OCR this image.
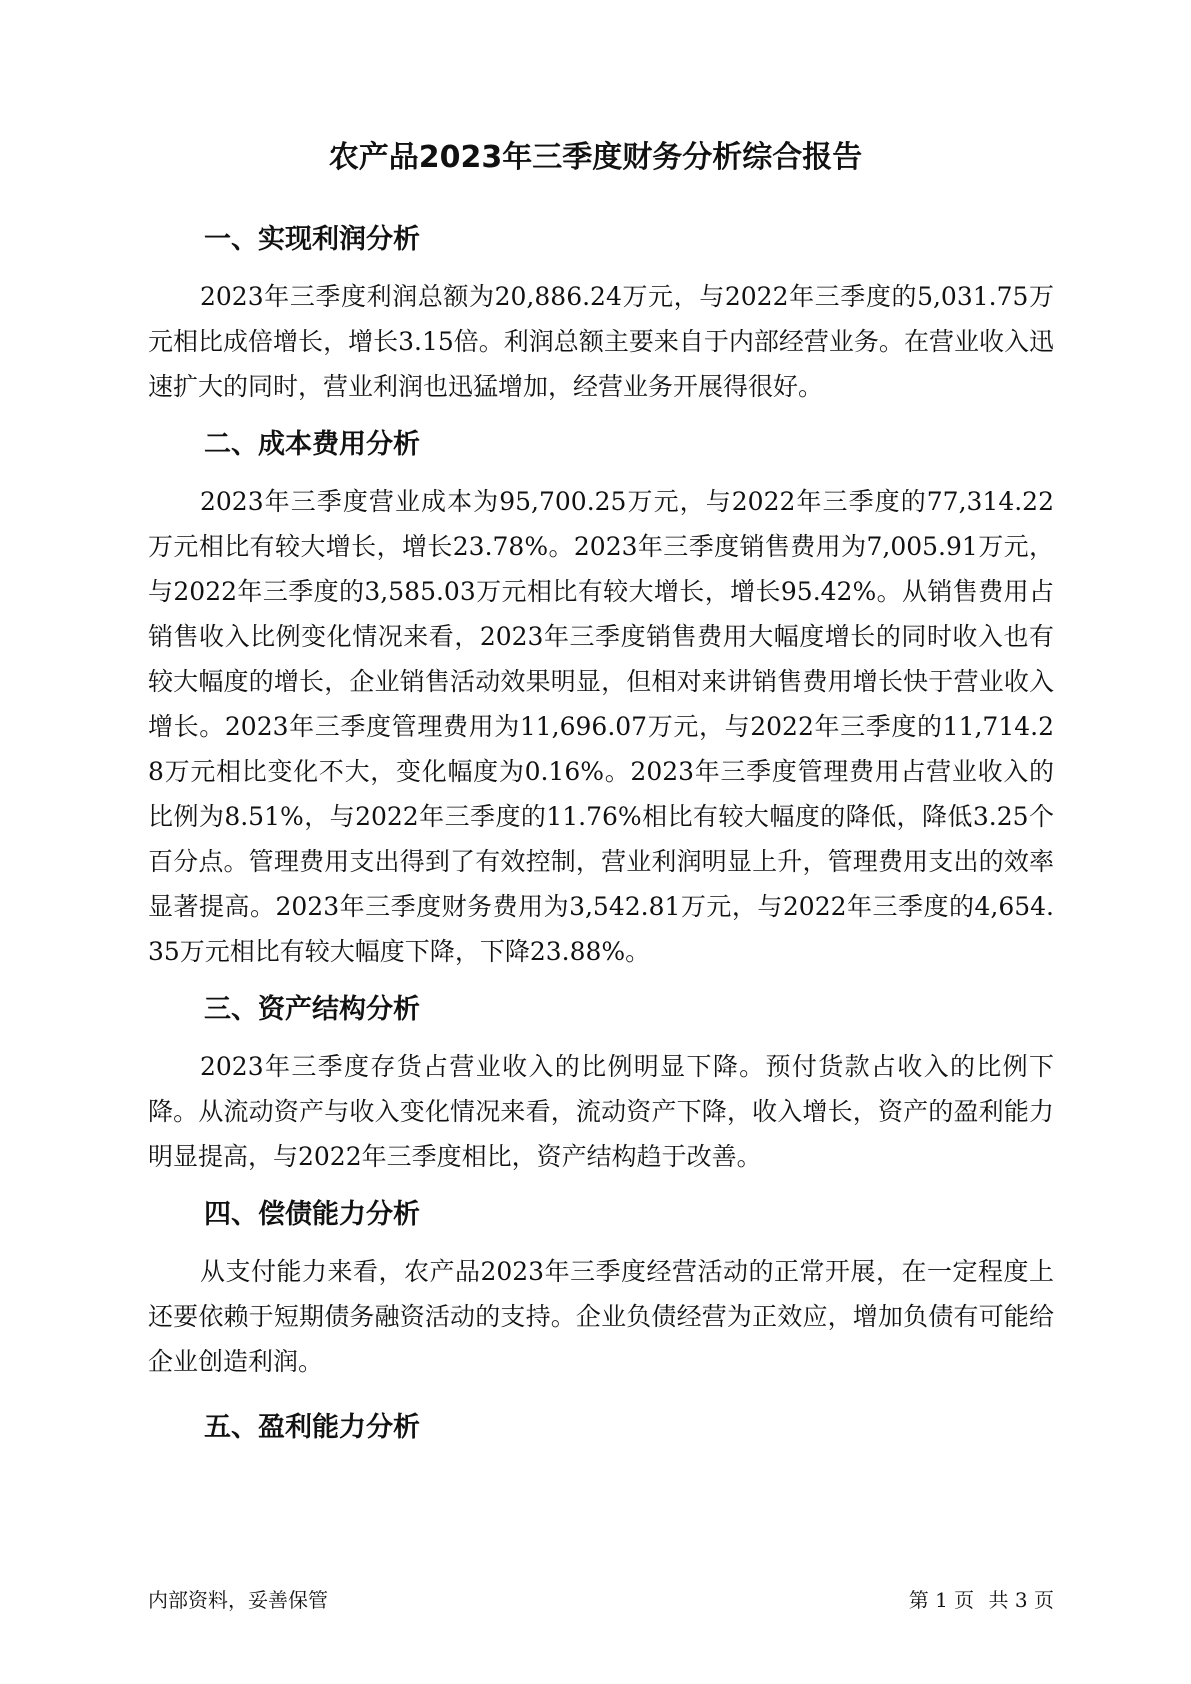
农产品2023年三季度财务分析综合报告
一、实现利润分析

2023年三季度利润总额为20,886.24万元，与2022年三季度的5,031.75万元相比成倍增长，增长3.15倍。利润总额主要来自于内部经营业务。在营业收入迅速扩大的同时，营业利润也迅猛增加，经营业务开展得很好。

二、成本费用分析

2023年三季度营业成本为95,700.25万元，与2022年三季度的77,314.22万元相比有较大增长，增长23.78%。2023年三季度销售费用为7,005.91万元，与2022年三季度的3,585.03万元相比有较大增长，增长95.42%。从销售费用占销售收入比例变化情况来看，2023年三季度销售费用大幅度增长的同时收入也有较大幅度的增长，企业销售活动效果明显，但相对来讲销售费用增长快于营业收入增长。2023年三季度管理费用为11,696.07万元，与2022年三季度的11,714.28万元相比变化不大，变化幅度为0.16%。2023年三季度管理费用占营业收入的比例为8.51%，与2022年三季度的11.76%相比有较大幅度的降低，降低3.25个百分点。管理费用支出得到了有效控制，营业利润明显上升，管理费用支出的效率显著提高。2023年三季度财务费用为3,542.81万元，与2022年三季度的4,654.35万元相比有较大幅度下降，下降23.88%。

三、资产结构分析

2023年三季度存货占营业收入的比例明显下降。预付货款占收入的比例下降。从流动资产与收入变化情况来看，流动资产下降，收入增长，资产的盈利能力明显提高，与2022年三季度相比，资产结构趋于改善。

四、偿债能力分析

从支付能力来看，农产品2023年三季度经营活动的正常开展，在一定程度上还要依赖于短期债务融资活动的支持。企业负债经营为正效应，增加负债有可能给企业创造利润。

五、盈利能力分析
内部资料，妥善保管	第 1 页 共 3 页
